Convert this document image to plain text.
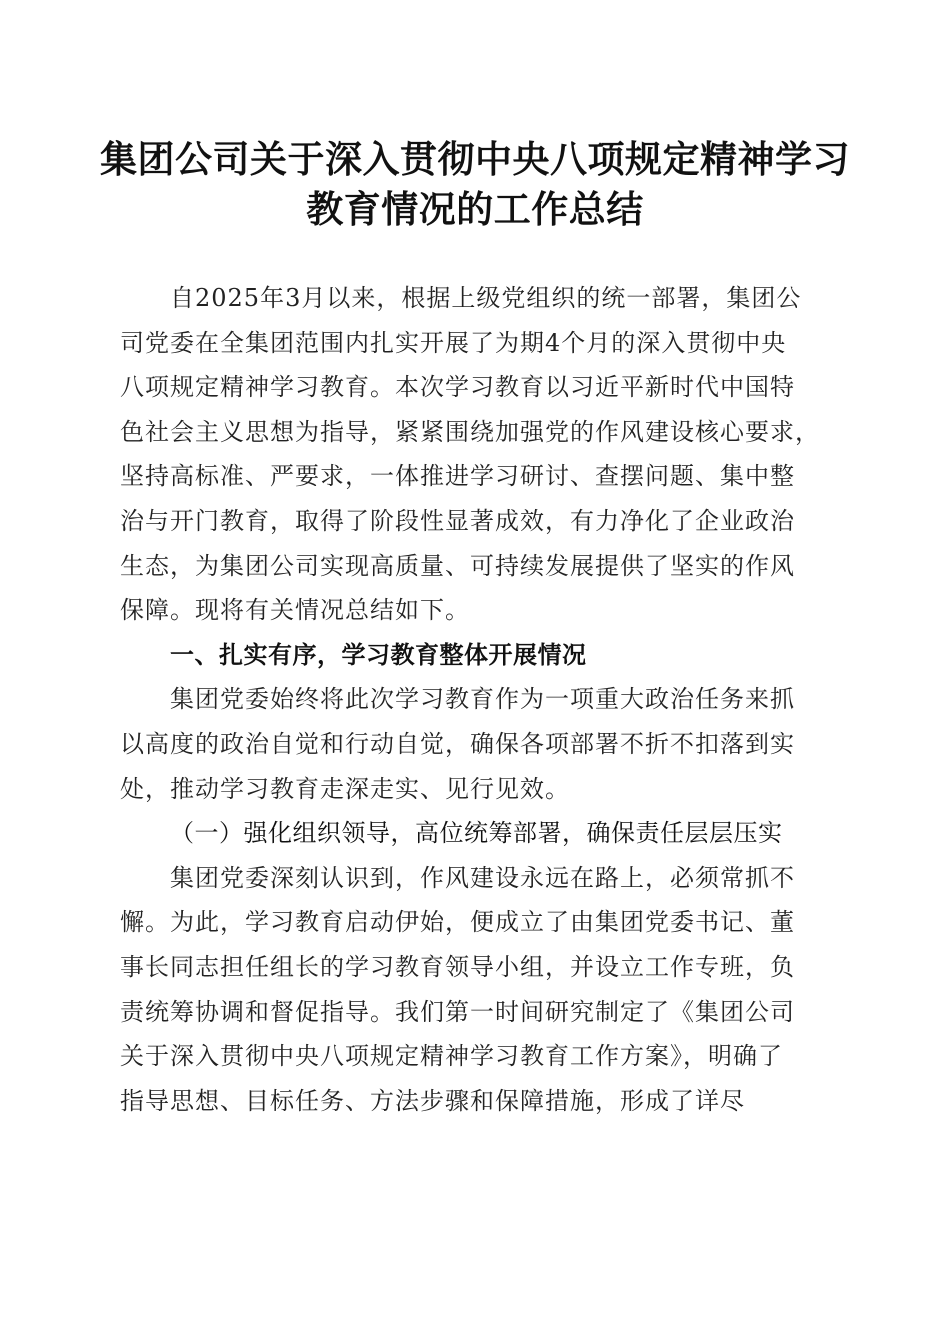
集团公司关于深入贯彻中央八项规定精神学习
教育情况的工作总结
自2025年3月以来，根据上级党组织的统一部署，集团公
司党委在全集团范围内扎实开展了为期4个月的深入贯彻中央
八项规定精神学习教育。本次学习教育以习近平新时代中国特
色社会主义思想为指导，紧紧围绕加强党的作风建设核心要求，
坚持高标准、严要求，一体推进学习研讨、查摆问题、集中整
治与开门教育，取得了阶段性显著成效，有力净化了企业政治
生态，为集团公司实现高质量、可持续发展提供了坚实的作风
保障。现将有关情况总结如下。
一、扎实有序，学习教育整体开展情况
集团党委始终将此次学习教育作为一项重大政治任务来抓
以高度的政治自觉和行动自觉，确保各项部署不折不扣落到实
处，推动学习教育走深走实、见行见效。
（一）强化组织领导，高位统筹部署，确保责任层层压实
集团党委深刻认识到，作风建设永远在路上，必须常抓不
懈。为此，学习教育启动伊始，便成立了由集团党委书记、董
事长同志担任组长的学习教育领导小组，并设立工作专班，负
责统筹协调和督促指导。我们第一时间研究制定了《集团公司
关于深入贯彻中央八项规定精神学习教育工作方案》，明确了
指导思想、目标任务、方法步骤和保障措施，形成了详尽
